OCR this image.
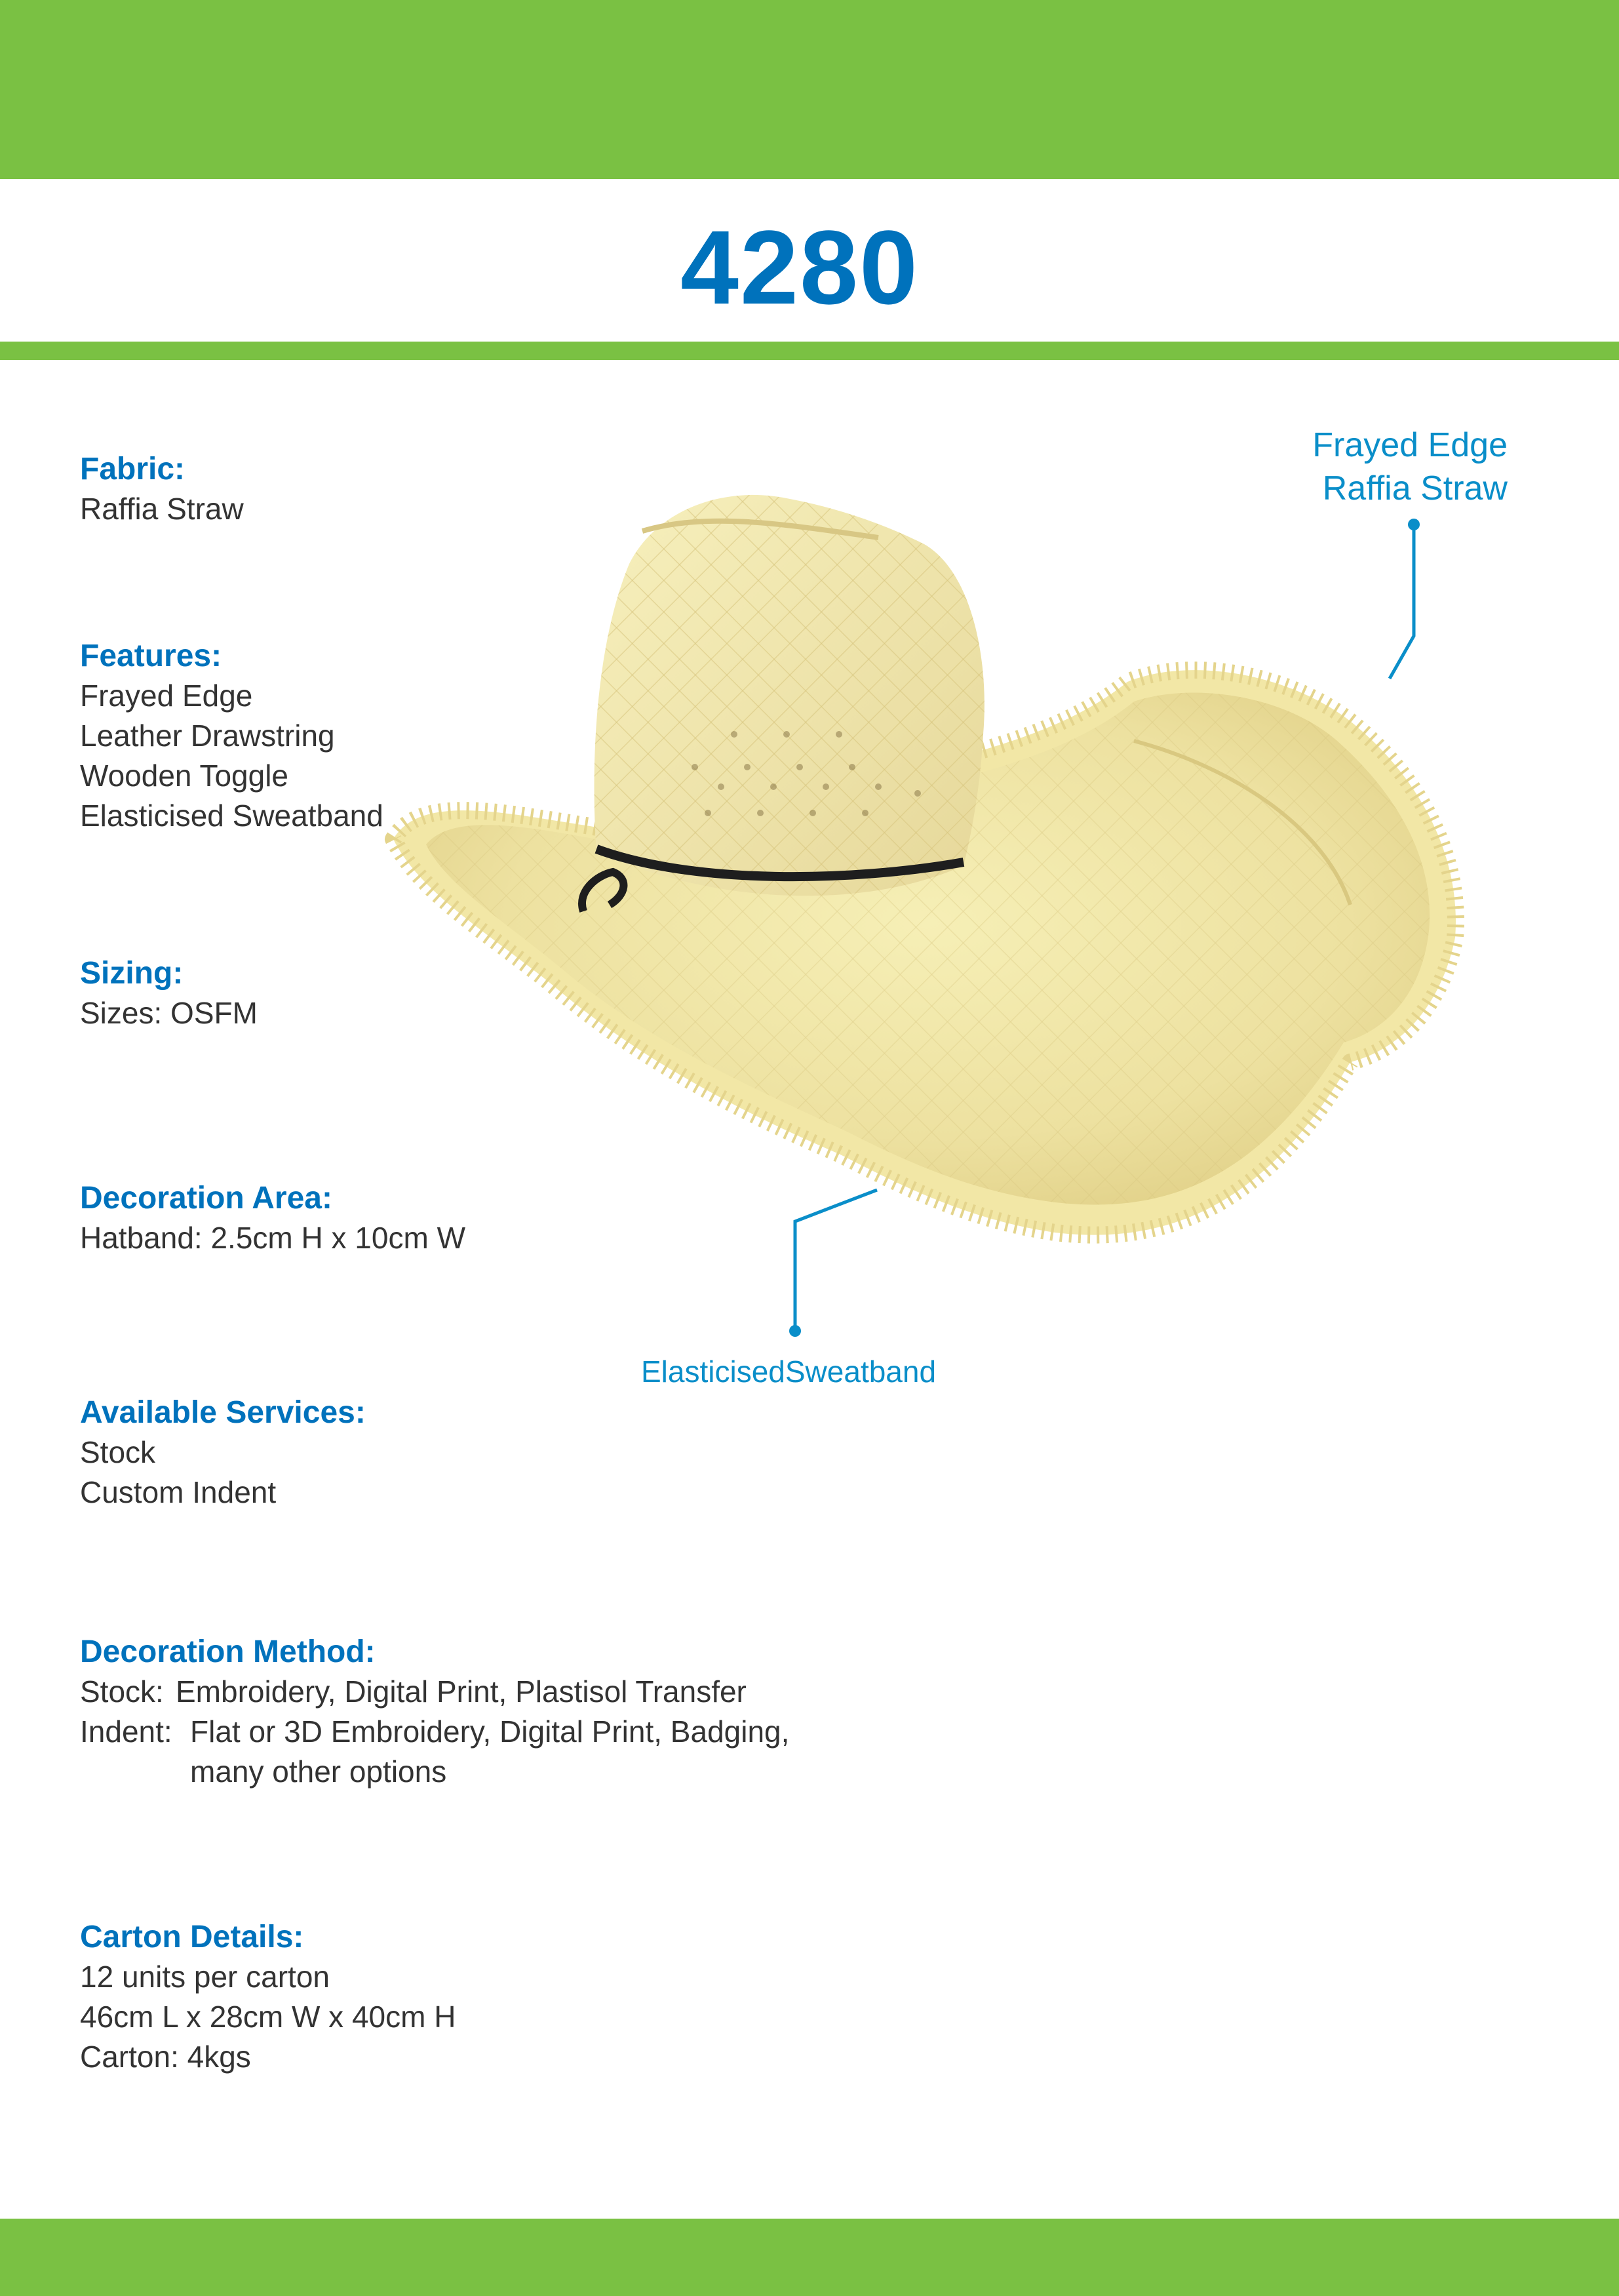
4280
Fabric:
Raffia Straw
Features:
Frayed Edge
Leather Drawstring
Wooden Toggle
Elasticised Sweatband
Sizing:
Sizes: OSFM
Decoration Area:
Hatband: 2.5cm H x 10cm W
Available Services:
Stock
Custom Indent
Decoration Method:
Stock: Embroidery, Digital Print, Plastisol Transfer
Indent: Flat or 3D Embroidery, Digital Print, Badging,
many other options
Carton Details:
12 units per carton
46cm L x 28cm W x 40cm H
Carton: 4kgs
Frayed Edge
Raffia Straw
ElasticisedSweatband
